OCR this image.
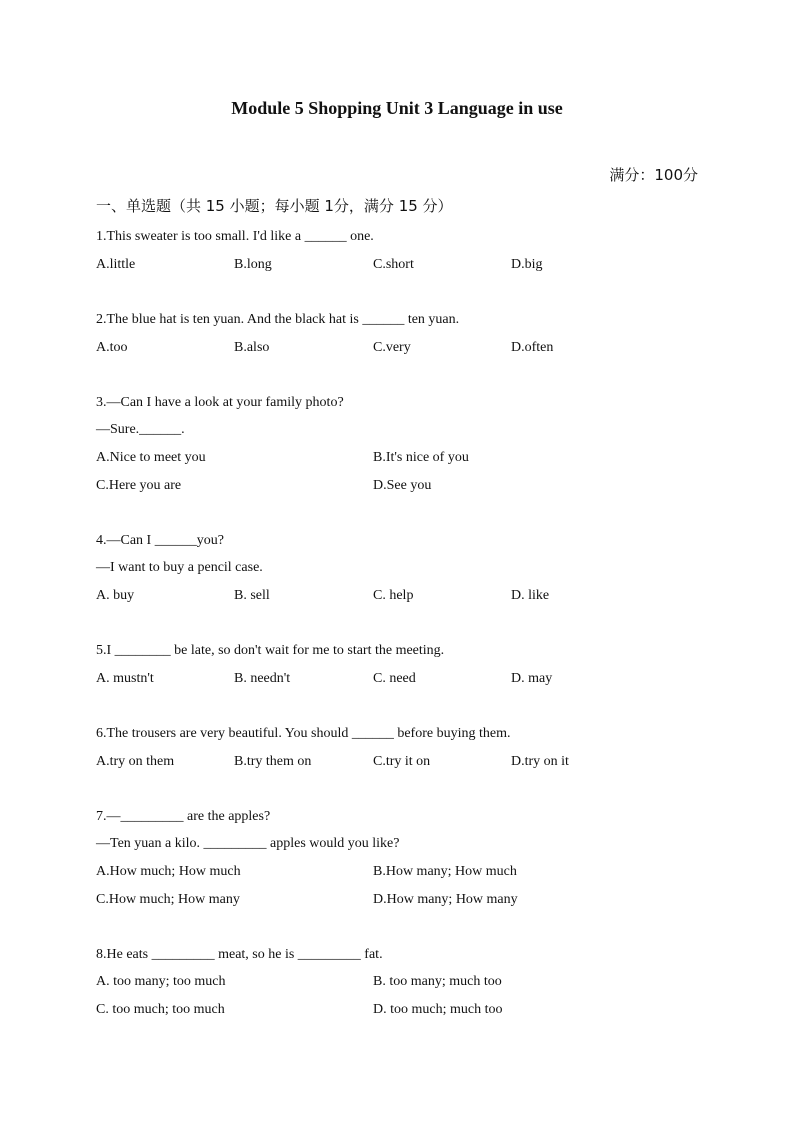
Module 5 Shopping Unit 3 Language in use
满分：100分
一、单选题（共 15 小题；每小题 1分，满分 15 分）
1.This sweater is too small. I'd like a ______ one.
A.little	B.long	C.short	D.big
2.The blue hat is ten yuan. And the black hat is ______ ten yuan.
A.too	B.also	C.very	D.often
3.—Can I have a look at your family photo?
—Sure.______.
A.Nice to meet you	B.It's nice of you
C.Here you are	D.See you
4.—Can I ______you?
—I want to buy a pencil case.
A. buy	B. sell	C. help	D. like
5.I ________ be late, so don't wait for me to start the meeting.
A. mustn't	B. needn't	C. need	D. may
6.The trousers are very beautiful. You should ______ before buying them.
A.try on them	B.try them on	C.try it on	D.try on it
7.—_________ are the apples?
—Ten yuan a kilo. _________ apples would you like?
A.How much; How much	B.How many; How much
C.How much; How many	D.How many; How many
8.He eats _________ meat, so he is _________ fat.
A. too many; too much	B. too many; much too
C. too much; too much	D. too much; much too
